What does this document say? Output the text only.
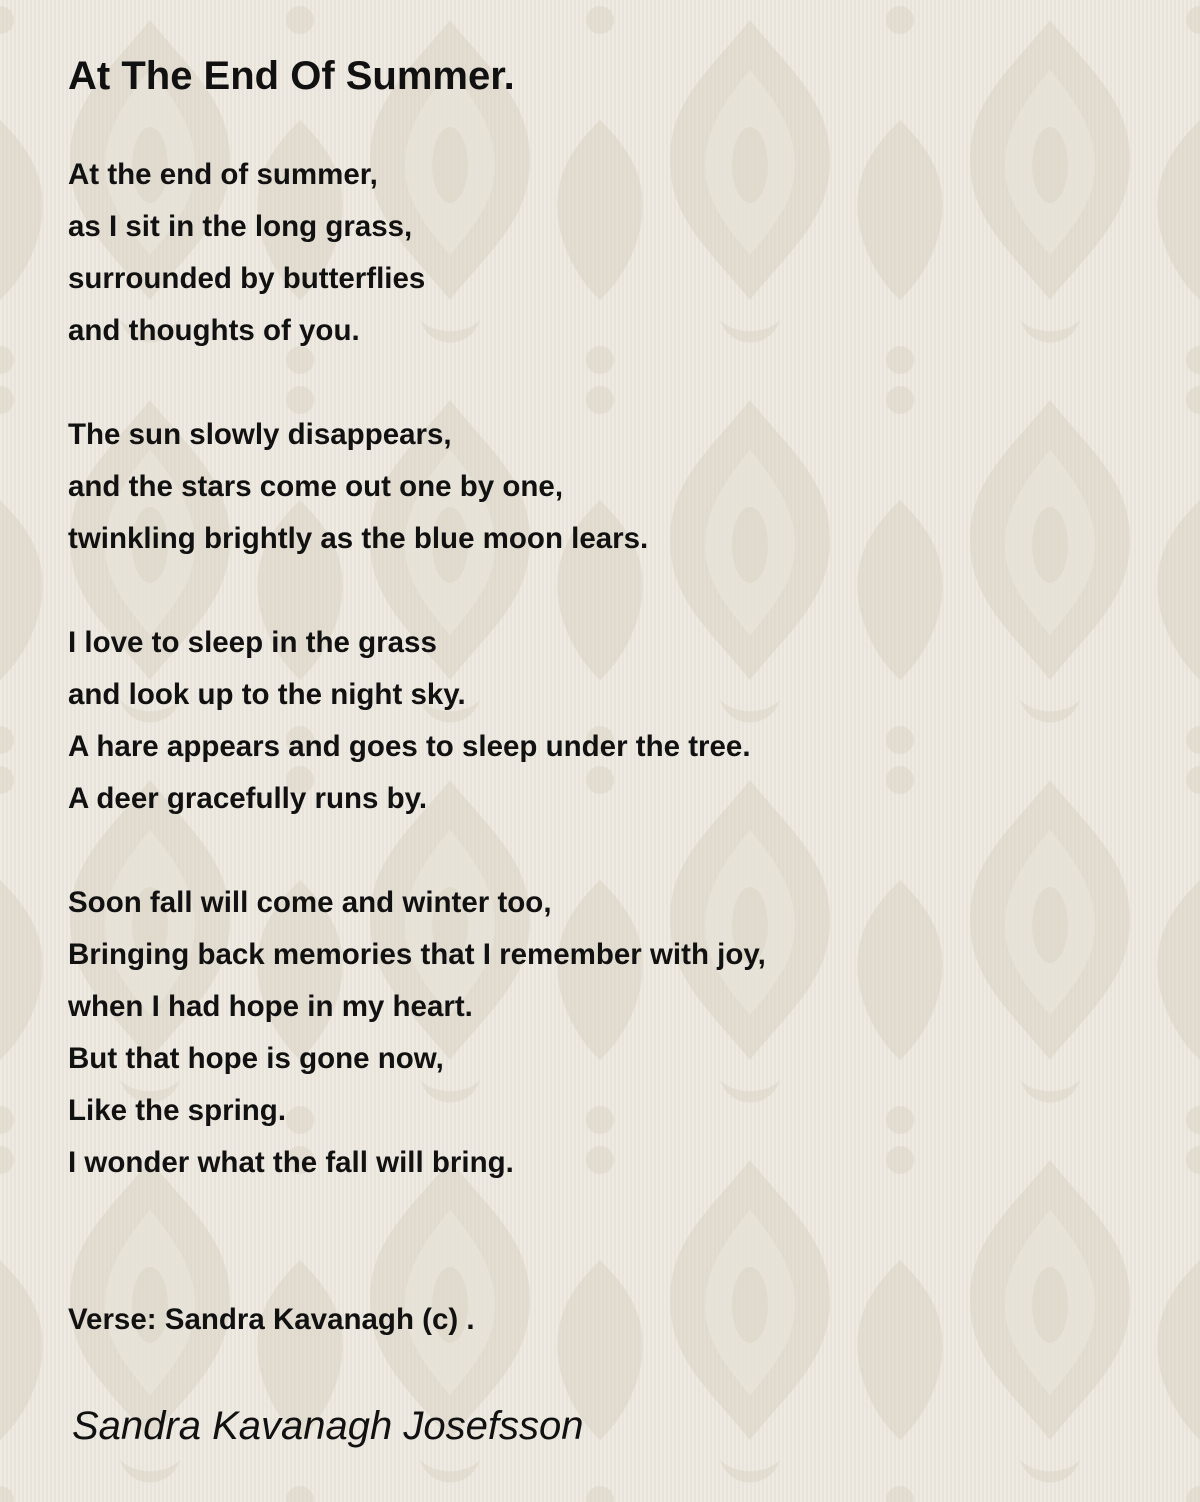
At The End Of Summer.
At the end of summer,
as I sit in the long grass,
surrounded by butterflies
and thoughts of you.
The sun slowly disappears,
and the stars come out one by one,
twinkling brightly as the blue moon lears.
I love to sleep in the grass
and look up to the night sky.
A hare appears and goes to sleep under the tree.
A deer gracefully runs by.
Soon fall will come and winter too,
Bringing back memories that I remember with joy,
when I had hope in my heart.
But that hope is gone now,
Like the spring.
I wonder what the fall will bring.
Verse: Sandra Kavanagh (c) .
Sandra Kavanagh Josefsson
